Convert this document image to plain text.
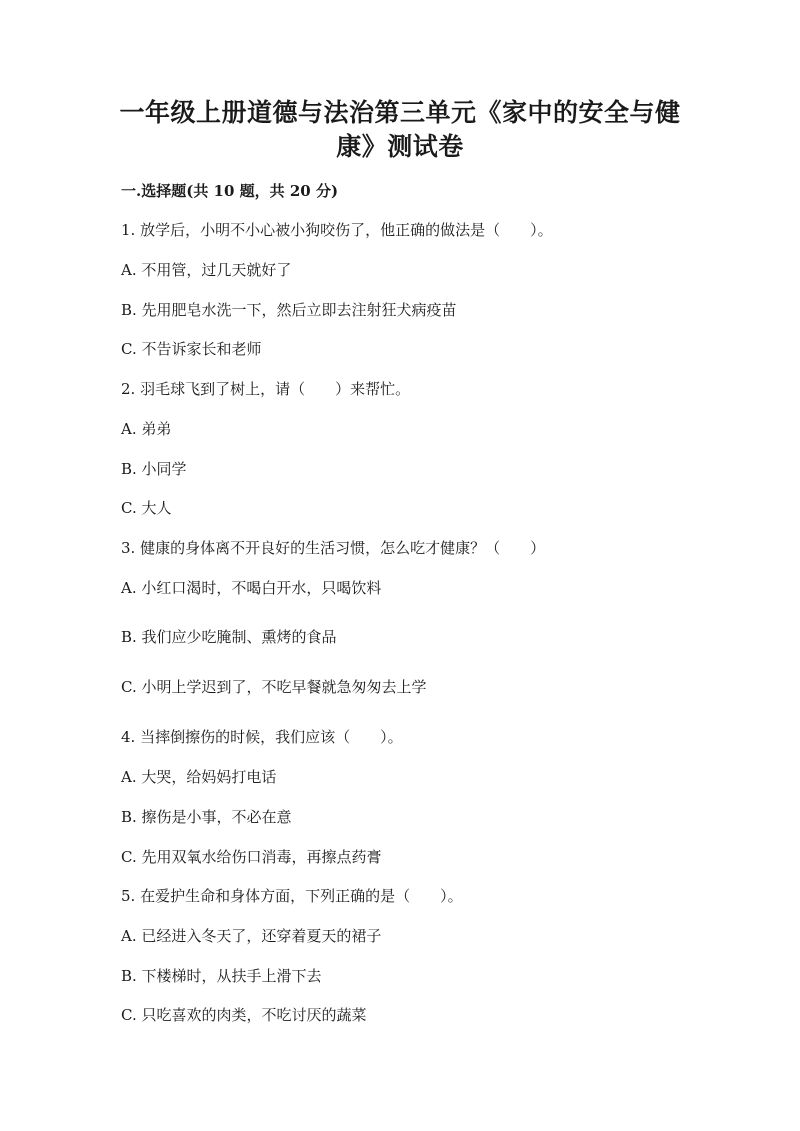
一年级上册道德与法治第三单元《家中的安全与健
康》测试卷
一.选择题(共 10 题，共 20 分)
1. 放学后，小明不小心被小狗咬伤了，他正确的做法是（　　）。
A. 不用管，过几天就好了
B. 先用肥皂水洗一下，然后立即去注射狂犬病疫苗
C. 不告诉家长和老师
2. 羽毛球飞到了树上，请（　　）来帮忙。
A. 弟弟
B. 小同学
C. 大人
3. 健康的身体离不开良好的生活习惯，怎么吃才健康？（　　）
A. 小红口渴时，不喝白开水，只喝饮料
B. 我们应少吃腌制、熏烤的食品
C. 小明上学迟到了，不吃早餐就急匆匆去上学
4. 当摔倒擦伤的时候，我们应该（　　）。
A. 大哭，给妈妈打电话
B. 擦伤是小事，不必在意
C. 先用双氧水给伤口消毒，再擦点药膏
5. 在爱护生命和身体方面，下列正确的是（　　）。
A. 已经进入冬天了，还穿着夏天的裙子
B. 下楼梯时，从扶手上滑下去
C. 只吃喜欢的肉类，不吃讨厌的蔬菜
